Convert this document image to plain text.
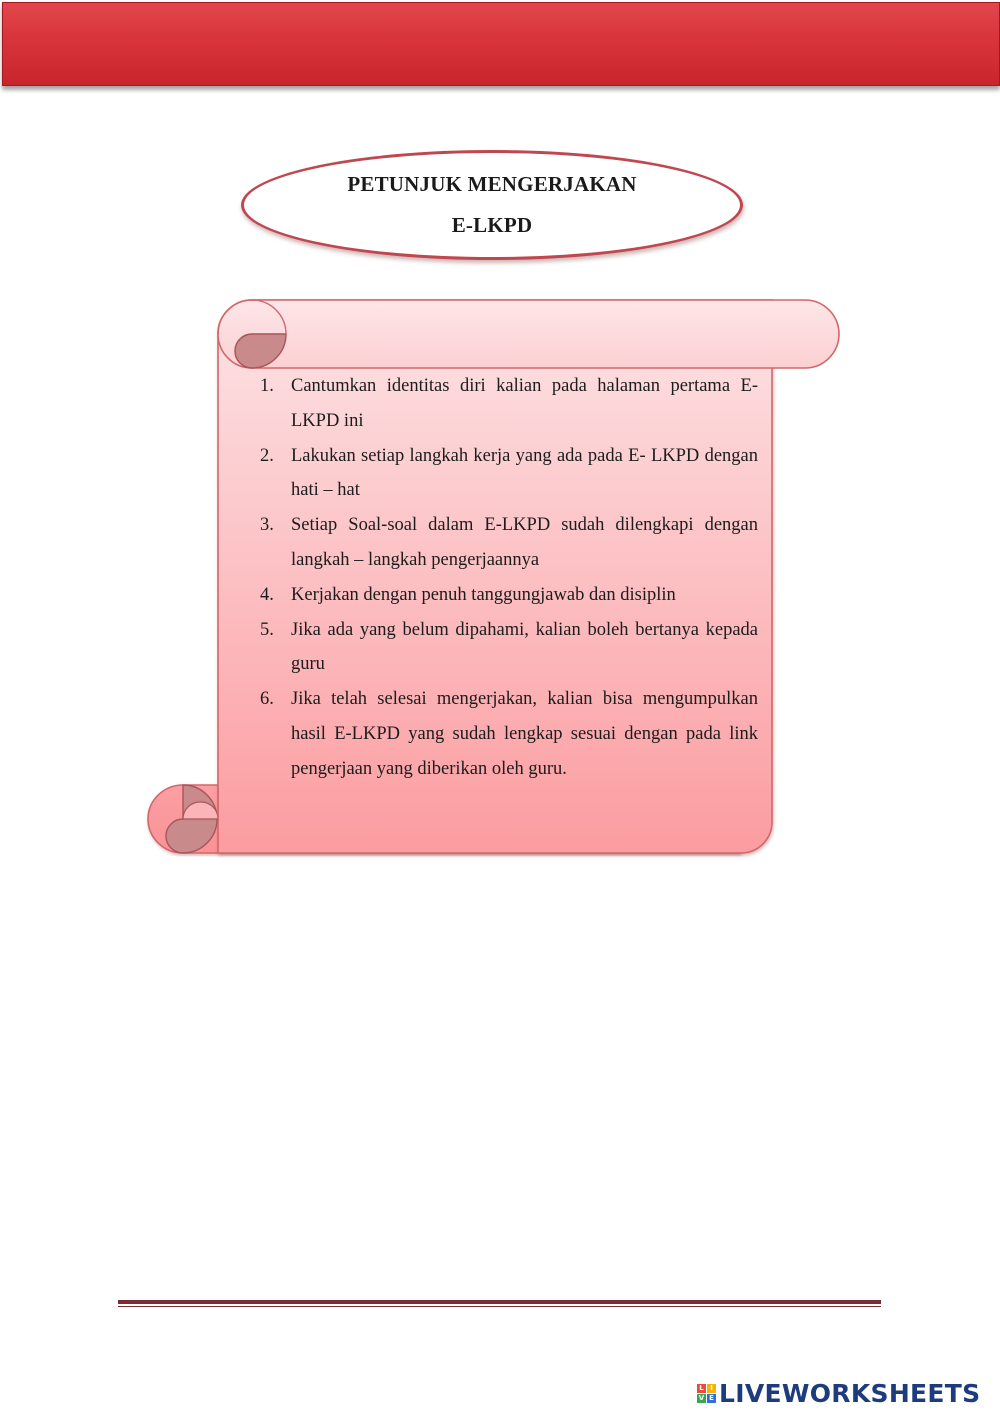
PETUNJUK MENGERJAKAN
E-LKPD
1. Cantumkan identitas diri kalian pada halaman pertama E-LKPD ini
2. Lakukan setiap langkah kerja yang ada pada E- LKPD dengan hati – hat
3. Setiap Soal-soal dalam E-LKPD sudah dilengkapi dengan langkah – langkah pengerjaannya
4. Kerjakan dengan penuh tanggungjawab dan disiplin
5. Jika ada yang belum dipahami, kalian boleh bertanya kepada guru
6. Jika telah selesai mengerjakan, kalian bisa mengumpulkan hasil E-LKPD yang sudah lengkap sesuai dengan pada link pengerjaan yang diberikan oleh guru.
L I
V E LIVEWORKSHEETS
